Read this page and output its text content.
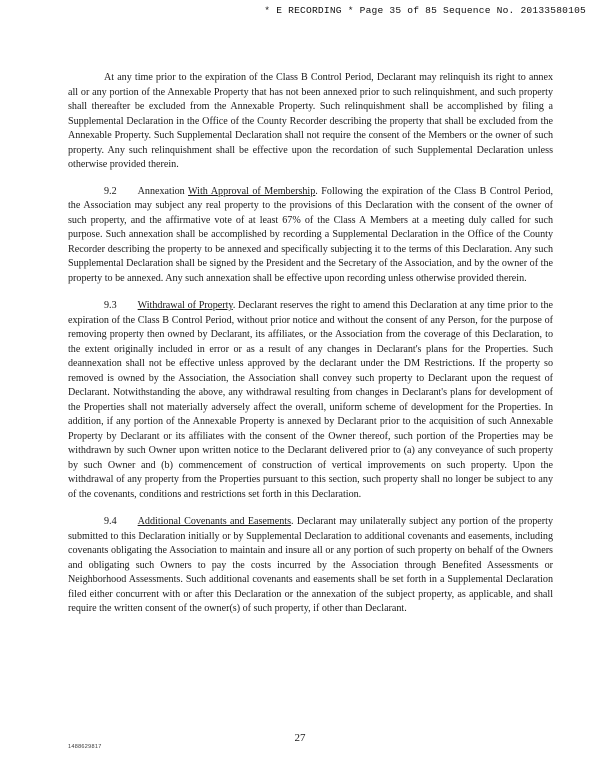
* E RECORDING * Page 35 of 85 Sequence No. 20133580105

At any time prior to the expiration of the Class B Control Period, Declarant may relinquish its right to annex all or any portion of the Annexable Property that has not been annexed prior to such relinquishment, and such property shall thereafter be excluded from the Annexable Property. Such relinquishment shall be accomplished by filing a Supplemental Declaration in the Office of the County Recorder describing the property that shall be excluded from the Annexable Property. Such Supplemental Declaration shall not require the consent of the Members or the owner of such property. Any such relinquishment shall be effective upon the recordation of such Supplemental Declaration unless otherwise provided therein.

9.2 Annexation With Approval of Membership. Following the expiration of the Class B Control Period, the Association may subject any real property to the provisions of this Declaration with the consent of the owner of such property, and the affirmative vote of at least 67% of the Class A Members at a meeting duly called for such purpose. Such annexation shall be accomplished by recording a Supplemental Declaration in the Office of the County Recorder describing the property to be annexed and specifically subjecting it to the terms of this Declaration. Any such Supplemental Declaration shall be signed by the President and the Secretary of the Association, and by the owner of the property to be annexed. Any such annexation shall be effective upon recording unless otherwise provided therein.

9.3 Withdrawal of Property. Declarant reserves the right to amend this Declaration at any time prior to the expiration of the Class B Control Period, without prior notice and without the consent of any Person, for the purpose of removing property then owned by Declarant, its affiliates, or the Association from the coverage of this Declaration, to the extent originally included in error or as a result of any changes in Declarant's plans for the Properties. Such deannexation shall not be effective unless approved by the declarant under the DM Restrictions. If the property so removed is owned by the Association, the Association shall convey such property to Declarant upon the request of Declarant. Notwithstanding the above, any withdrawal resulting from changes in Declarant's plans for development of the Properties shall not materially adversely affect the overall, uniform scheme of development for the Properties. In addition, if any portion of the Annexable Property is annexed by Declarant prior to the acquisition of such Annexable Property by Declarant or its affiliates with the consent of the Owner thereof, such portion of the Properties may be withdrawn by such Owner upon written notice to the Declarant delivered prior to (a) any conveyance of such property by such Owner and (b) commencement of construction of vertical improvements on such property. Upon the withdrawal of any property from the Properties pursuant to this section, such property shall no longer be subject to any of the covenants, conditions and restrictions set forth in this Declaration.

9.4 Additional Covenants and Easements. Declarant may unilaterally subject any portion of the property submitted to this Declaration initially or by Supplemental Declaration to additional covenants and easements, including covenants obligating the Association to maintain and insure all or any portion of such property on behalf of the Owners and obligating such Owners to pay the costs incurred by the Association through Benefited Assessments or Neighborhood Assessments. Such additional covenants and easements shall be set forth in a Supplemental Declaration filed either concurrent with or after this Declaration or the annexation of the subject property, as applicable, and shall require the written consent of the owner(s) of such property, if other than Declarant.

1488629817
27
